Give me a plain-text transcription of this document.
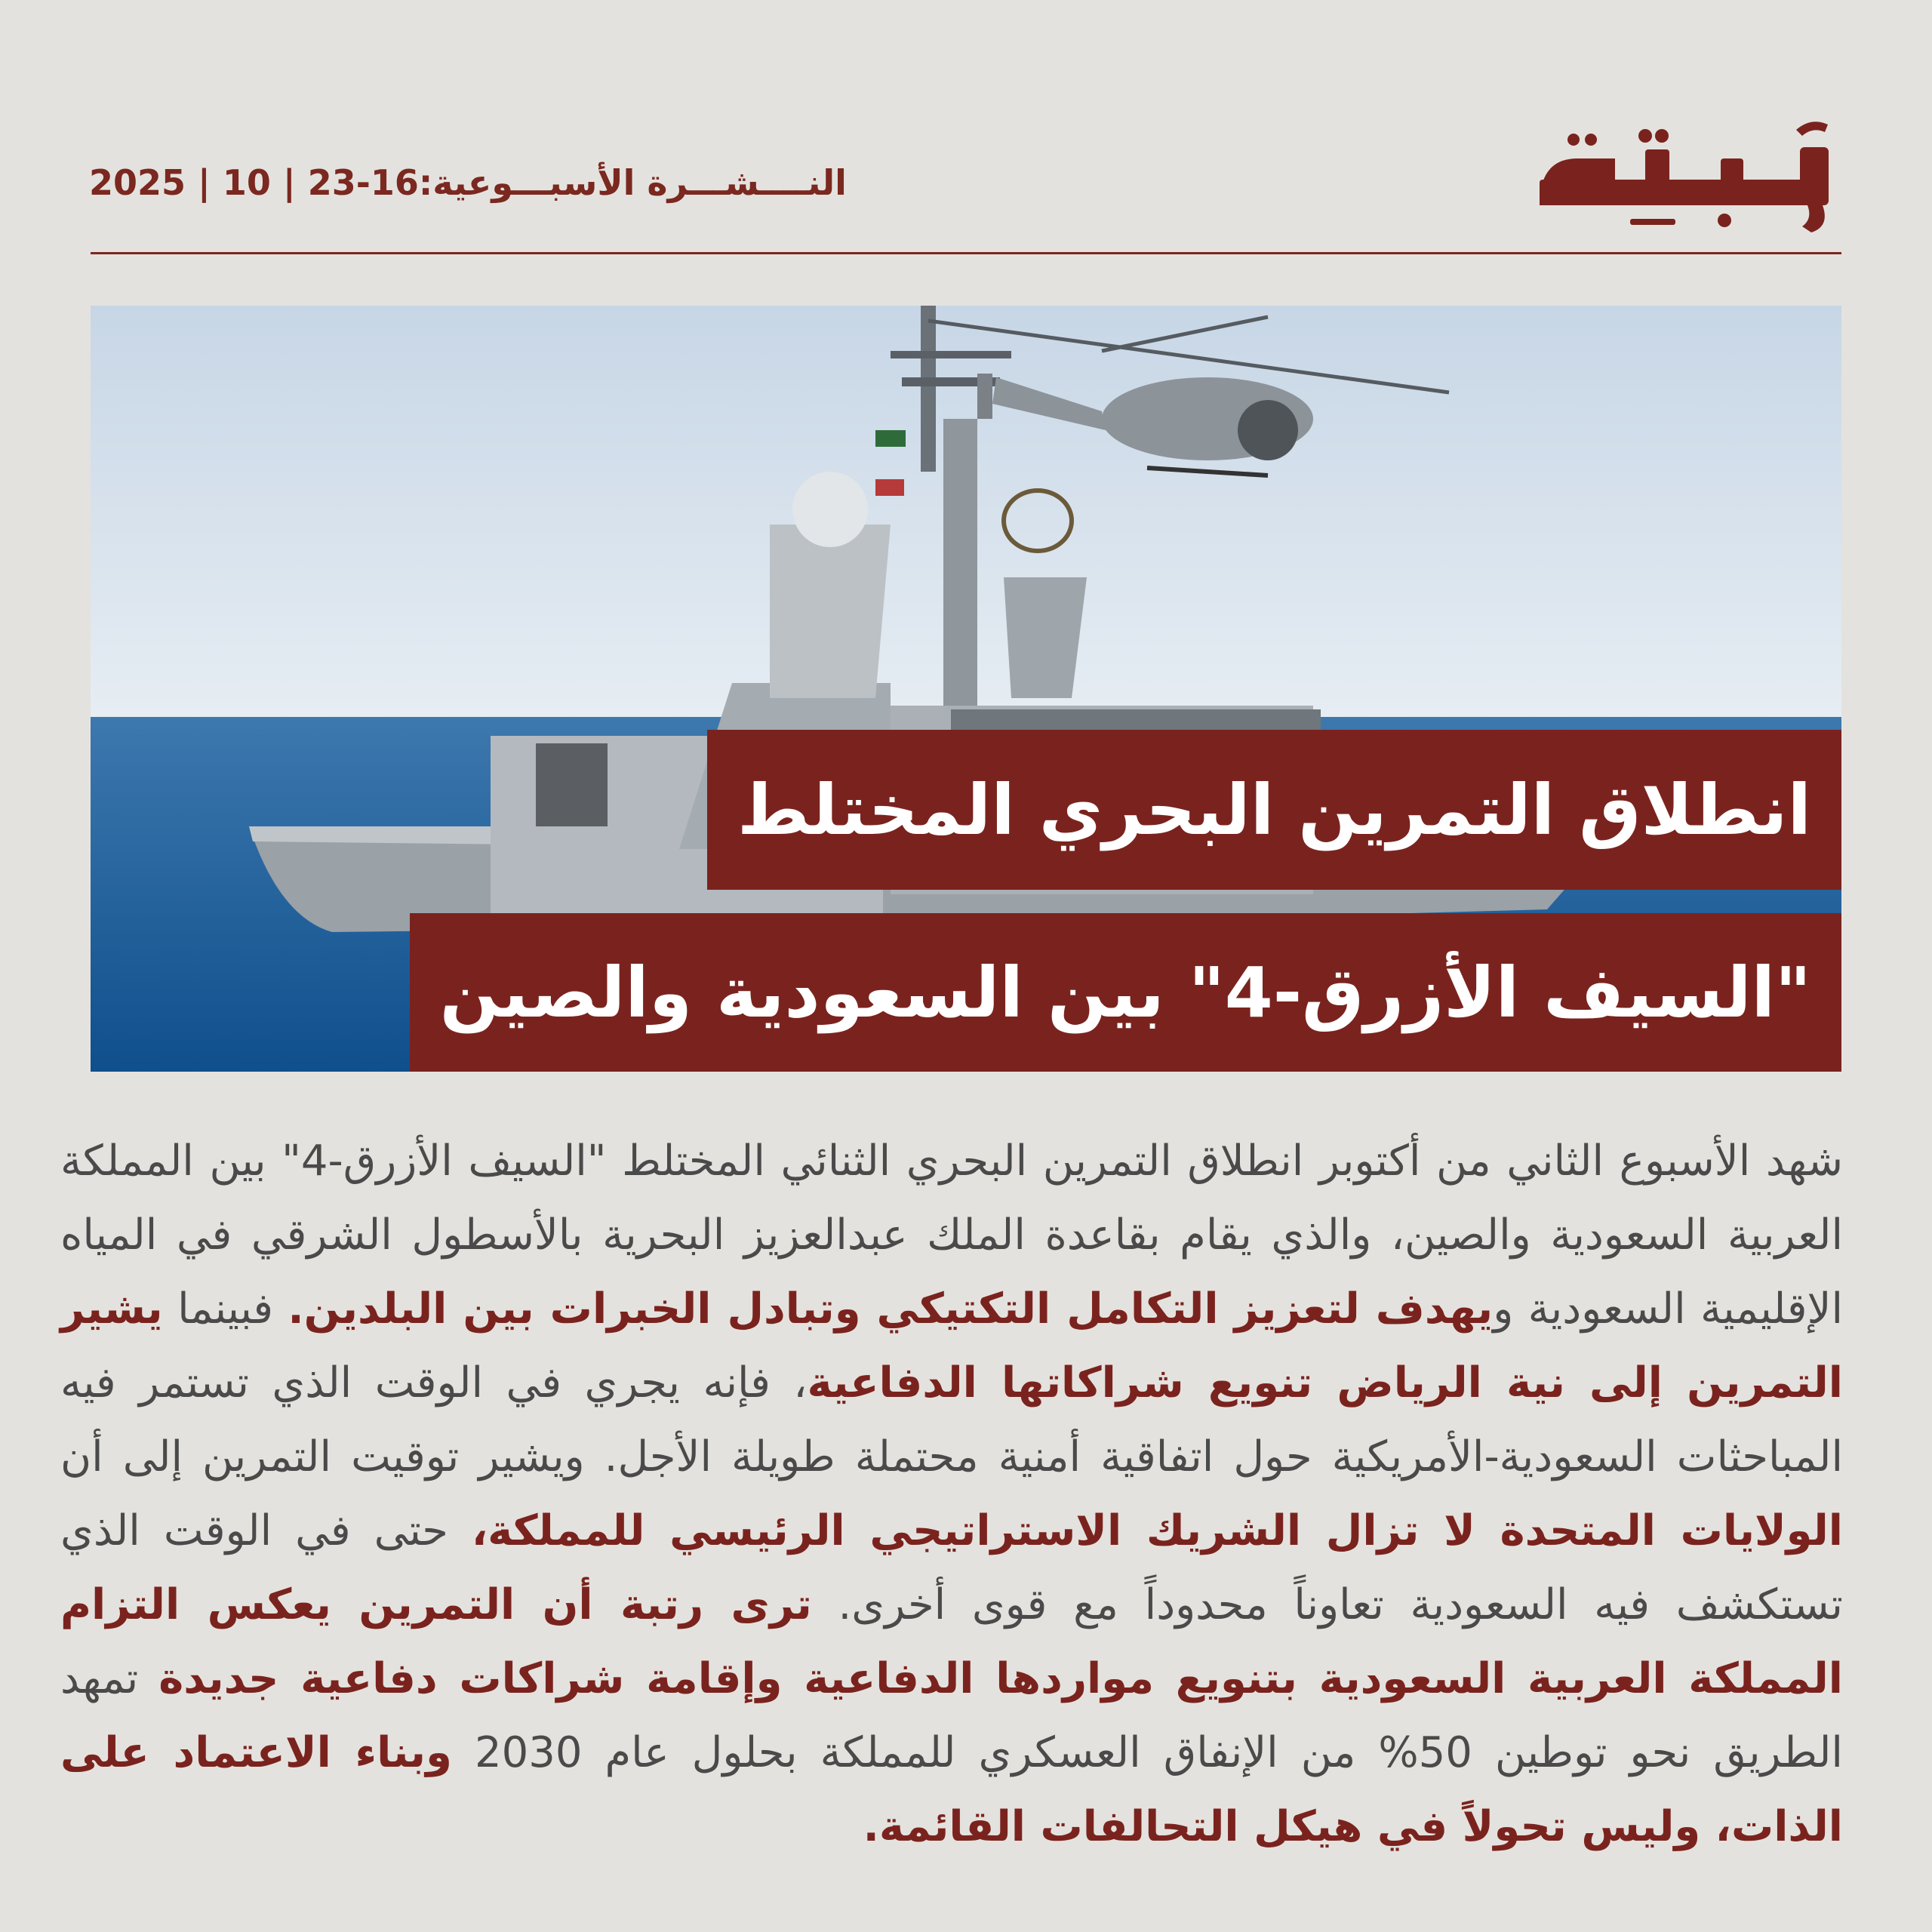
النــــشـــرة الأسبـــوعية:16-23 | 10 | 2025
انطلاق التمرين البحري المختلط
"السيف الأزرق-4" بين السعودية والصين
شهد الأسبوع الثاني من أكتوبر انطلاق التمرين البحري الثنائي المختلط "السيف الأزرق-4" بين المملكة العربية السعودية والصين، والذي يقام بقاعدة الملك عبدالعزيز البحرية بالأسطول الشرقي في المياه الإقليمية السعودية ويهدف لتعزيز التكامل التكتيكي وتبادل الخبرات بين البلدين. فبينما يشير التمرين إلى نية الرياض تنويع شراكاتها الدفاعية، فإنه يجري في الوقت الذي تستمر فيه المباحثات السعودية-الأمريكية حول اتفاقية أمنية محتملة طويلة الأجل. ويشير توقيت التمرين إلى أن الولايات المتحدة لا تزال الشريك الاستراتيجي الرئيسي للمملكة، حتى في الوقت الذي تستكشف فيه السعودية تعاوناً محدوداً مع قوى أخرى. ترى رتبة أن التمرين يعكس التزام المملكة العربية السعودية بتنويع مواردها الدفاعية وإقامة شراكات دفاعية جديدة تمهد الطريق نحو توطين 50% من الإنفاق العسكري للمملكة بحلول عام 2030 وبناء الاعتماد على الذات، وليس تحولاً في هيكل التحالفات القائمة.
